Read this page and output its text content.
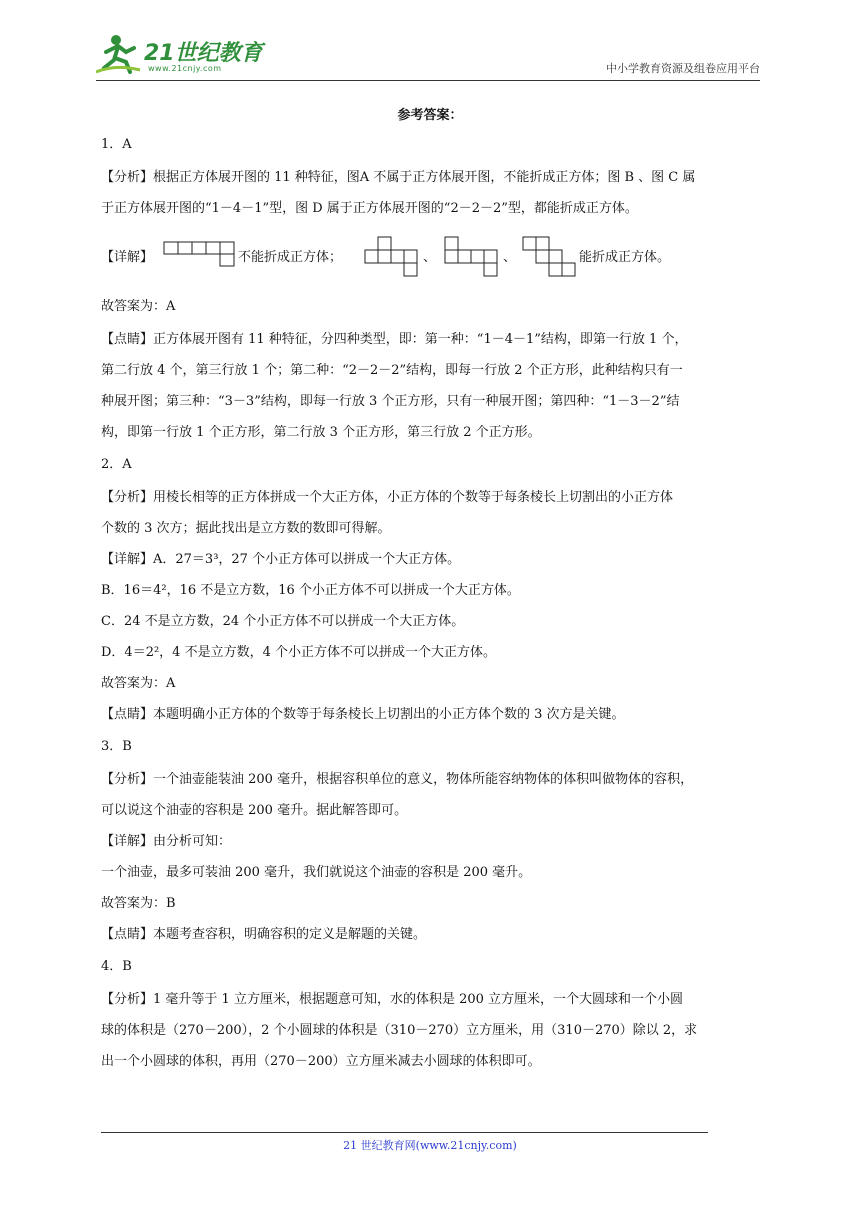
21世纪教育
www.21cnjy.com	中小学教育资源及组卷应用平台
参考答案：
1．A
【分析】根据正方体展开图的 11 种特征，图A 不属于正方体展开图，不能折成正方体；图 B 、图 C 属
于正方体展开图的“1－4－1”型，图 D 属于正方体展开图的“2－2－2”型，都能折成正方体。
【详解】	不能折成正方体；	、	、	能折成正方体。
故答案为：A
【点睛】正方体展开图有 11 种特征，分四种类型，即：第一种：“1－4－1”结构，即第一行放 1 个，
第二行放 4 个，第三行放 1 个；第二种：“2－2－2”结构，即每一行放 2 个正方形，此种结构只有一
种展开图；第三种：“3－3”结构，即每一行放 3 个正方形，只有一种展开图；第四种：“1－3－2”结
构，即第一行放 1 个正方形，第二行放 3 个正方形，第三行放 2 个正方形。
2．A
【分析】用棱长相等的正方体拼成一个大正方体，小正方体的个数等于每条棱长上切割出的小正方体
个数的 3 次方；据此找出是立方数的数即可得解。
【详解】A．27＝3³，27 个小正方体可以拼成一个大正方体。
B．16＝4²，16 不是立方数，16 个小正方体不可以拼成一个大正方体。
C．24 不是立方数，24 个小正方体不可以拼成一个大正方体。
D．4＝2²，4 不是立方数，4 个小正方体不可以拼成一个大正方体。
故答案为：A
【点睛】本题明确小正方体的个数等于每条棱长上切割出的小正方体个数的 3 次方是关键。
3．B
【分析】一个油壶能装油 200 毫升，根据容积单位的意义，物体所能容纳物体的体积叫做物体的容积，
可以说这个油壶的容积是 200 毫升。据此解答即可。
【详解】由分析可知：
一个油壶，最多可装油 200 毫升，我们就说这个油壶的容积是 200 毫升。
故答案为：B
【点睛】本题考查容积，明确容积的定义是解题的关键。
4．B
【分析】1 毫升等于 1 立方厘米，根据题意可知，水的体积是 200 立方厘米，一个大圆球和一个小圆
球的体积是（270－200），2 个小圆球的体积是（310－270）立方厘米，用（310－270）除以 2，求
出一个小圆球的体积，再用（270－200）立方厘米减去小圆球的体积即可。
21 世纪教育网(www.21cnjy.com)
